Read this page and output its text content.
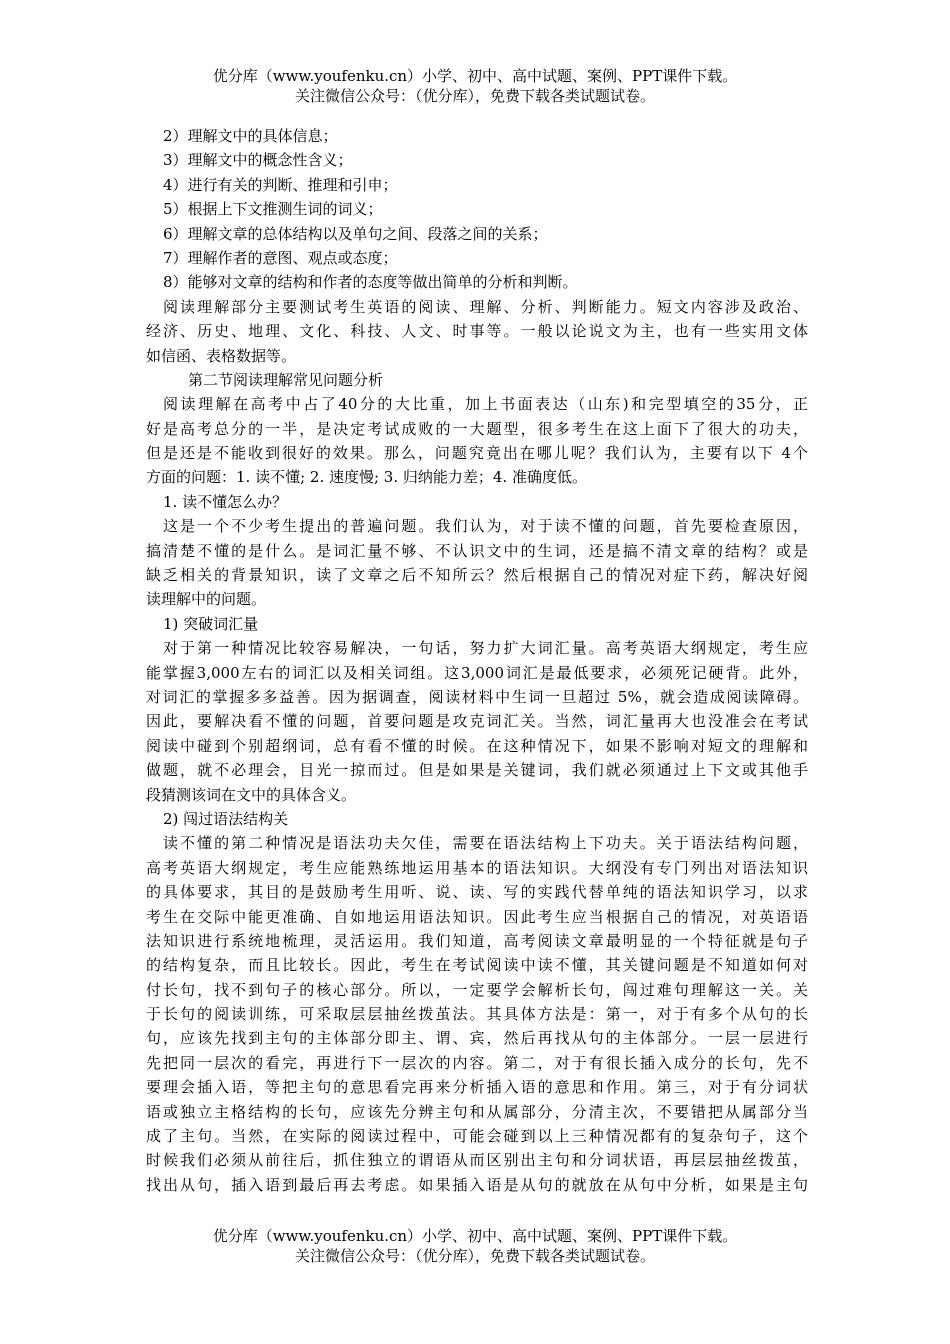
优分库（www.youfenku.cn）小学、初中、高中试题、案例、PPT课件下载。
关注微信公众号：（优分库），免费下载各类试题试卷。
2）理解文中的具体信息；
3）理解文中的概念性含义；
4）进行有关的判断、推理和引申；
5）根据上下文推测生词的词义；
6）理解文章的总体结构以及单句之间、段落之间的关系；
7）理解作者的意图、观点或态度；
8）能够对文章的结构和作者的态度等做出简单的分析和判断。
阅读理解部分主要测试考生英语的阅读、理解、分析、判断能力。短文内容涉及政治、
经济、历史、地理、文化、科技、人文、时事等。一般以论说文为主，也有一些实用文体
如信函、表格数据等。
第二节阅读理解常见问题分析
阅读理解在高考中占了40分的大比重，加上书面表达（山东)和完型填空的35分，正
好是高考总分的一半，是决定考试成败的一大题型，很多考生在这上面下了很大的功夫，
但是还是不能收到很好的效果。那么，问题究竟出在哪儿呢？我们认为，主要有以下 4个
方面的问题：1. 读不懂; 2. 速度慢; 3. 归纳能力差；4. 准确度低。
1. 读不懂怎么办？
这是一个不少考生提出的普遍问题。我们认为，对于读不懂的问题，首先要检查原因，
搞清楚不懂的是什么。是词汇量不够、不认识文中的生词，还是搞不清文章的结构？或是
缺乏相关的背景知识，读了文章之后不知所云？然后根据自己的情况对症下药，解决好阅
读理解中的问题。
1) 突破词汇量
对于第一种情况比较容易解决，一句话，努力扩大词汇量。高考英语大纲规定，考生应
能掌握3,000左右的词汇以及相关词组。这3,000词汇是最低要求，必须死记硬背。此外，
对词汇的掌握多多益善。因为据调查，阅读材料中生词一旦超过 5%，就会造成阅读障碍。
因此，要解决看不懂的问题，首要问题是攻克词汇关。当然，词汇量再大也没准会在考试
阅读中碰到个别超纲词，总有看不懂的时候。在这种情况下，如果不影响对短文的理解和
做题，就不必理会，目光一掠而过。但是如果是关键词，我们就必须通过上下文或其他手
段猜测该词在文中的具体含义。
2) 闯过语法结构关
读不懂的第二种情况是语法功夫欠佳，需要在语法结构上下功夫。关于语法结构问题，
高考英语大纲规定，考生应能熟练地运用基本的语法知识。大纲没有专门列出对语法知识
的具体要求，其目的是鼓励考生用听、说、读、写的实践代替单纯的语法知识学习，以求
考生在交际中能更准确、自如地运用语法知识。因此考生应当根据自己的情况，对英语语
法知识进行系统地梳理，灵活运用。我们知道，高考阅读文章最明显的一个特征就是句子
的结构复杂，而且比较长。因此，考生在考试阅读中读不懂，其关键问题是不知道如何对
付长句，找不到句子的核心部分。所以，一定要学会解析长句，闯过难句理解这一关。关
于长句的阅读训练，可采取层层抽丝拨茧法。其具体方法是：第一，对于有多个从句的长
句，应该先找到主句的主体部分即主、谓、宾，然后再找从句的主体部分。一层一层进行
先把同一层次的看完，再进行下一层次的内容。第二，对于有很长插入成分的长句，先不
要理会插入语，等把主句的意思看完再来分析插入语的意思和作用。第三，对于有分词状
语或独立主格结构的长句，应该先分辨主句和从属部分，分清主次，不要错把从属部分当
成了主句。当然，在实际的阅读过程中，可能会碰到以上三种情况都有的复杂句子，这个
时候我们必须从前往后，抓住独立的谓语从而区别出主句和分词状语，再层层抽丝拨茧，
找出从句，插入语到最后再去考虑。如果插入语是从句的就放在从句中分析，如果是主句
优分库（www.youfenku.cn）小学、初中、高中试题、案例、PPT课件下载。
关注微信公众号：（优分库），免费下载各类试题试卷。
